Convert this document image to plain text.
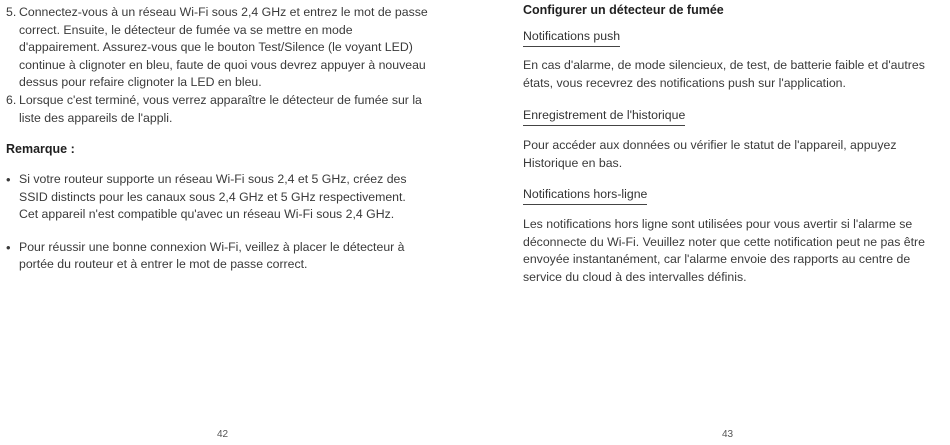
5. Connectez-vous à un réseau Wi-Fi sous 2,4 GHz et entrez le mot de passe correct. Ensuite, le détecteur de fumée va se mettre en mode d'appairement. Assurez-vous que le bouton Test/Silence (le voyant LED) continue à clignoter en bleu, faute de quoi vous devrez appuyer à nouveau dessus pour refaire clignoter la LED en bleu.
6. Lorsque c'est terminé, vous verrez apparaître le détecteur de fumée sur la liste des appareils de l'appli.
Remarque :
• Si votre routeur supporte un réseau Wi-Fi sous 2,4 et 5 GHz, créez des SSID distincts pour les canaux sous 2,4 GHz et 5 GHz respectivement. Cet appareil n'est compatible qu'avec un réseau Wi-Fi sous 2,4 GHz.
• Pour réussir une bonne connexion Wi-Fi, veillez à placer le détecteur à portée du routeur et à entrer le mot de passe correct.
42
Configurer un détecteur de fumée
Notifications push

En cas d'alarme, de mode silencieux, de test, de batterie faible et d'autres états, vous recevrez des notifications push sur l'application.

Enregistrement de l'historique

Pour accéder aux données ou vérifier le statut de l'appareil, appuyez Historique en bas.

Notifications hors-ligne

Les notifications hors ligne sont utilisées pour vous avertir si l'alarme se déconnecte du Wi-Fi. Veuillez noter que cette notification peut ne pas être envoyée instantanément, car l'alarme envoie des rapports au centre de service du cloud à des intervalles définis.

43
